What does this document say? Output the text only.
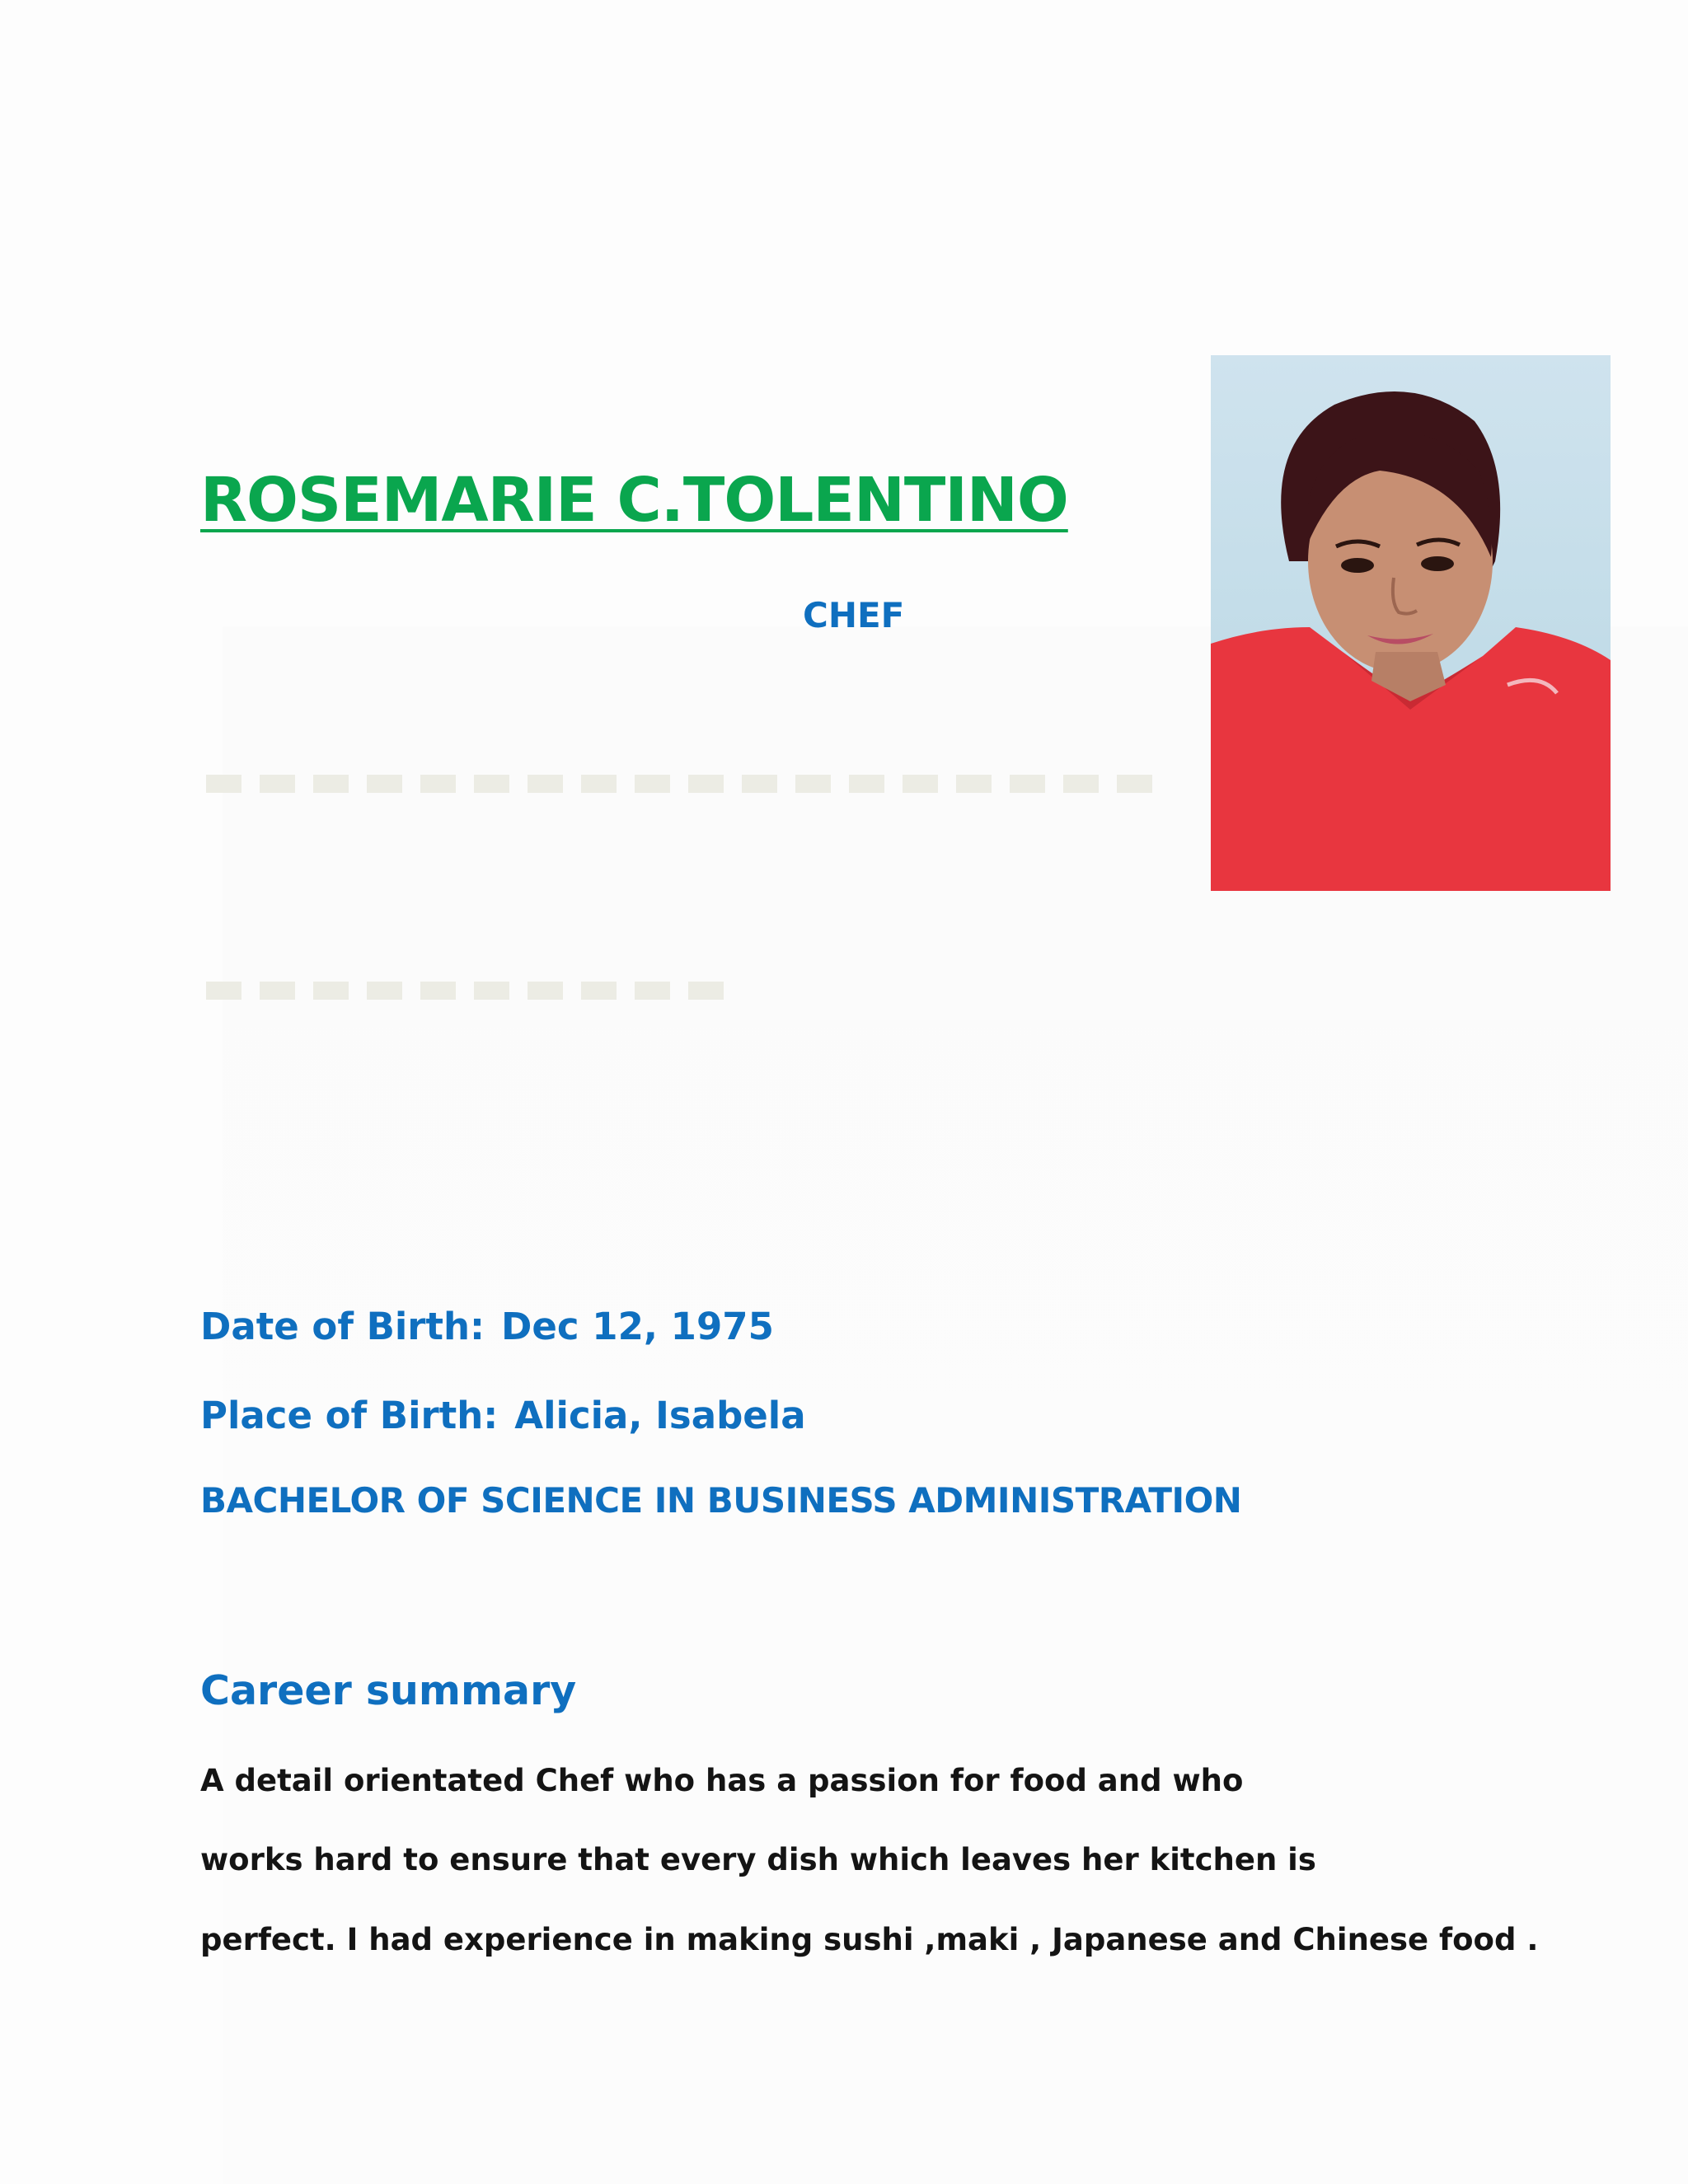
ROSEMARIE C.TOLENTINO
CHEF
Date of Birth: Dec 12, 1975
Place of Birth: Alicia, Isabela
BACHELOR OF SCIENCE IN BUSINESS ADMINISTRATION
Career summary

A detail orientated Chef who has a passion for food and who

works hard to ensure that every dish which leaves her kitchen is

perfect. I had experience in making sushi ,maki , Japanese and Chinese food .
